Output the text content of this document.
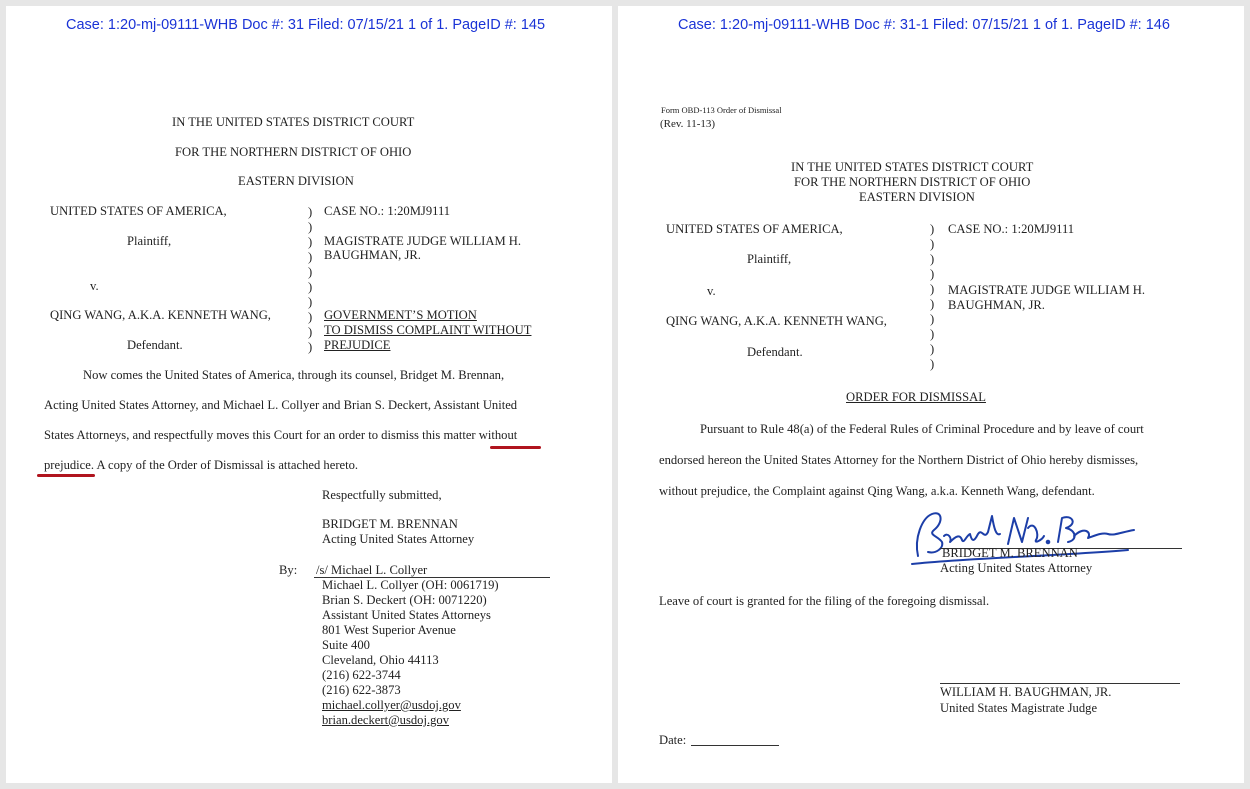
Case: 1:20-mj-09111-WHB Doc #: 31 Filed: 07/15/21 1 of 1. PageID #: 145
IN THE UNITED STATES DISTRICT COURT
FOR THE NORTHERN DISTRICT OF OHIO
EASTERN DIVISION
UNITED STATES OF AMERICA,
Plaintiff,
v.
QING WANG, A.K.A. KENNETH WANG,
Defendant.
)
)
)
)
)
)
)
)
)
)
CASE NO.: 1:20MJ9111
MAGISTRATE JUDGE WILLIAM H.
BAUGHMAN, JR.
GOVERNMENT’S MOTION
TO DISMISS COMPLAINT WITHOUT
PREJUDICE
Now comes the United States of America, through its counsel, Bridget M. Brennan,
Acting United States Attorney, and Michael L. Collyer and Brian S. Deckert, Assistant United
States Attorneys, and respectfully moves this Court for an order to dismiss this matter without
prejudice. A copy of the Order of Dismissal is attached hereto.
Respectfully submitted,
BRIDGET M. BRENNAN
Acting United States Attorney
By: /s/ Michael L. Collyer
Michael L. Collyer (OH: 0061719)
Brian S. Deckert (OH: 0071220)
Assistant United States Attorneys
801 West Superior Avenue
Suite 400
Cleveland, Ohio 44113
(216) 622-3744
(216) 622-3873
michael.collyer@usdoj.gov
brian.deckert@usdoj.gov
Case: 1:20-mj-09111-WHB Doc #: 31-1 Filed: 07/15/21 1 of 1. PageID #: 146
Form OBD-113 Order of Dismissal
(Rev. 11-13)
IN THE UNITED STATES DISTRICT COURT
FOR THE NORTHERN DISTRICT OF OHIO
EASTERN DIVISION
UNITED STATES OF AMERICA,
Plaintiff,
v.
QING WANG, A.K.A. KENNETH WANG,
Defendant.
)
)
)
)
)
)
)
)
)
)
CASE NO.: 1:20MJ9111
MAGISTRATE JUDGE WILLIAM H.
BAUGHMAN, JR.
ORDER FOR DISMISSAL
Pursuant to Rule 48(a) of the Federal Rules of Criminal Procedure and by leave of court
endorsed hereon the United States Attorney for the Northern District of Ohio hereby dismisses,
without prejudice, the Complaint against Qing Wang, a.k.a. Kenneth Wang, defendant.
BRIDGET M. BRENNAN
Acting United States Attorney
Leave of court is granted for the filing of the foregoing dismissal.
WILLIAM H. BAUGHMAN, JR.
United States Magistrate Judge
Date:
